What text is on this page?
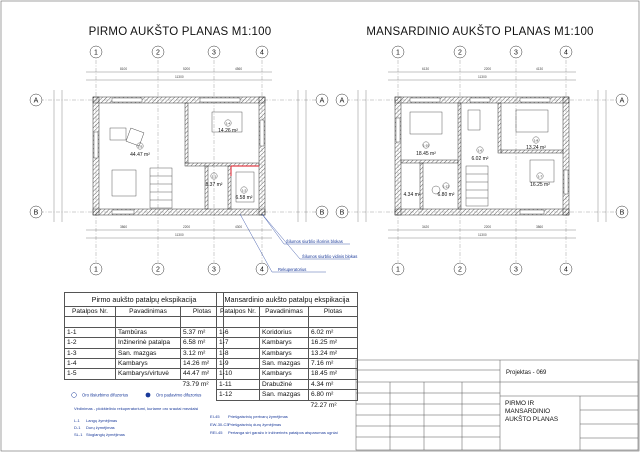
PIRMO AUKŠTO PLANAS M1:100
8100	5200	4560
11300
3860	2200	4300
11300
1-4
14.26 m²
1-5
44.47 m²
1-1
5.37 m²
1-2
6.58 m²
Šilumos siurblio išorinis blokas
Šilumos siurblio vidinis blokas
Rekuperatorius
1	2	3	4
1	2	3	4
A
B
A
B
MANSARDINIO AUKŠTO PLANAS M1:100
6130	2200	4130
11300
3420	2200	3860
11300
1-10
18.45 m²
1-8
13.24 m²
1-7
16.25 m²
4.34 m²
1-12
6.80 m²
1-6
6.02 m²
1	2	3	4
1	2	3	4
A
B
A
B
Oro išsiurbimo difuzorius	Oro padavimo difuzorius
Vėdinimas - plokštelinio rekuperatoriumi, kuriame oro srautai mezdaisi
L-1 Langų žymėjimas
D-1 Durų žymėjimas
SL-1 Stoglangių žymėjimas
EI-45 Priešgaisrinių pertvarų žymėjimas
EW-30-C3 Priešgaisrinių durų žymėjimas
REI-45 Pertanga sirt garažo ir inžinerinės patalpos atsparumas ugniai
Projektas - 069
PIRMO IR MANSARDINIO AUKŠTO PLANAS
Pirmo aukšto patalpų ekspikacija		
Patalpos Nr.	Pavadinimas	Plotas

1-1	Tambūras	5.37 m²
1-2	Inžinerinė patalpa	6.58 m²
1-3	San. mazgas	3.12 m²
1-4	Kambarys	14.26 m²
1-5	Kambarys/virtuvė	44.47 m²
		73.79 m²
Mansardinio aukšto patalpų ekspikacija		
Patalpos Nr.	Pavadinimas	Plotas

1-6	Koridorius	6.02 m²
1-7	Kambarys	16.25 m²
1-8	Kambarys	13.24 m²
1-9	San. mazgas	7.16 m²
1-10	Kambarys	18.45 m²
1-11	Drabužinė	4.34 m²
1-12	San. mazgas	6.80 m²
		72.27 m²
